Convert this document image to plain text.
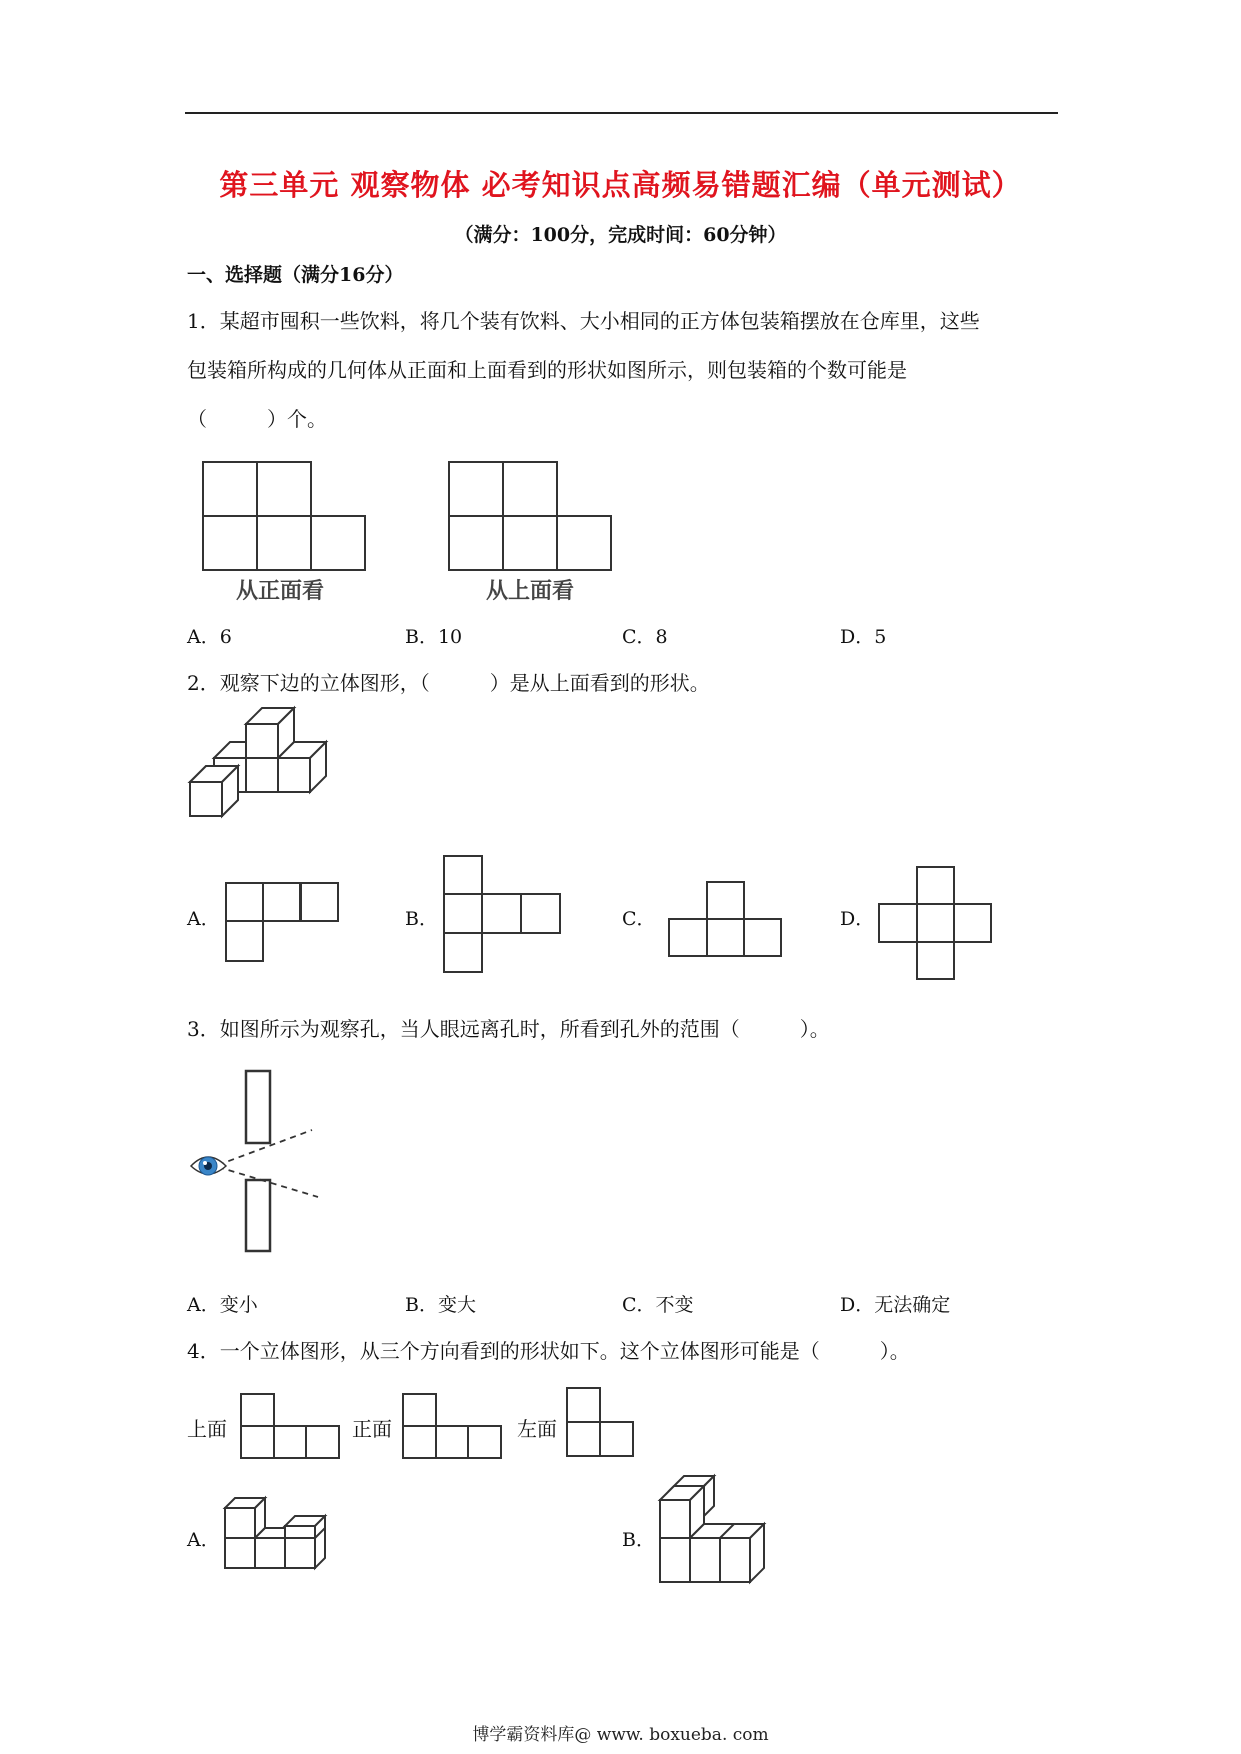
第三单元 观察物体 必考知识点高频易错题汇编（单元测试）
（满分：100分，完成时间：60分钟）
一、选择题（满分16分）
1．某超市囤积一些饮料，将几个装有饮料、大小相同的正方体包装箱摆放在仓库里，这些
包装箱所构成的几何体从正面和上面看到的形状如图所示，则包装箱的个数可能是
（　　　）个。
从正面看	从上面看
A．6	B．10	C．8	D．5
2．观察下边的立体图形，（　　　）是从上面看到的形状。
A．	B．	C．	D．
3．如图所示为观察孔，当人眼远离孔时，所看到孔外的范围（　　　）。
A．变小	B．变大	C．不变	D．无法确定
4．一个立体图形，从三个方向看到的形状如下。这个立体图形可能是（　　　）。
上面	正面	左面
A．	B．
博学霸资料库@ www. boxueba. com
